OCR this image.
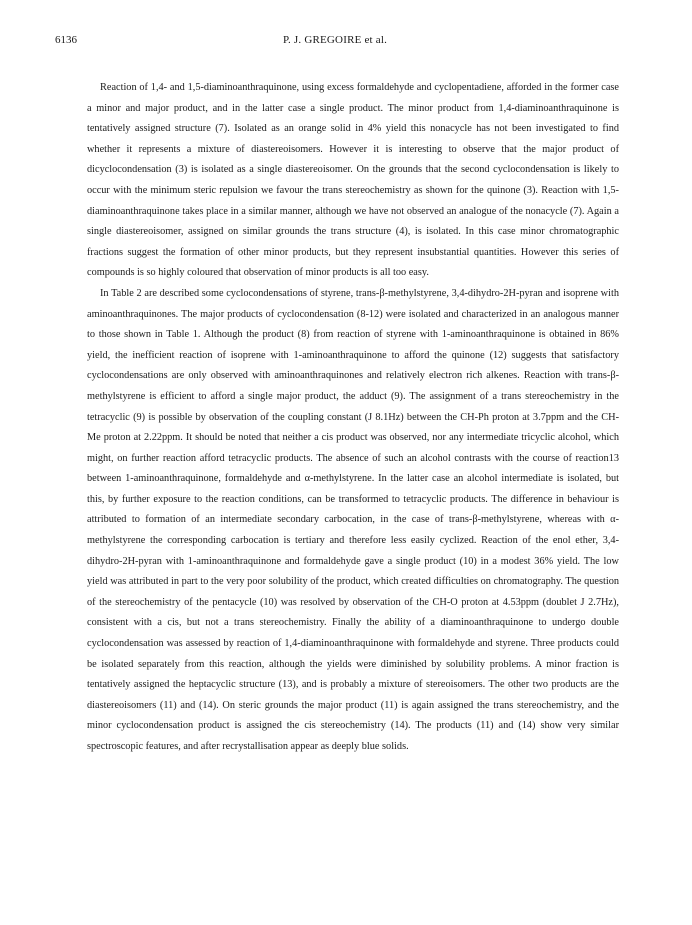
6136	P. J. GREGOIRE et al.

Reaction of 1,4- and 1,5-diaminoanthraquinone, using excess formaldehyde and cyclopentadiene, afforded in the former case a minor and major product, and in the latter case a single product. The minor product from 1,4-diaminoanthraquinone is tentatively assigned structure (7). Isolated as an orange solid in 4% yield this nonacycle has not been investigated to find whether it represents a mixture of diastereoisomers. However it is interesting to observe that the major product of dicyclocondensation (3) is isolated as a single diastereoisomer. On the grounds that the second cyclocondensation is likely to occur with the minimum steric repulsion we favour the trans stereochemistry as shown for the quinone (3). Reaction with 1,5-diaminoanthraquinone takes place in a similar manner, although we have not observed an analogue of the nonacycle (7). Again a single diastereoisomer, assigned on similar grounds the trans structure (4), is isolated. In this case minor chromatographic fractions suggest the formation of other minor products, but they represent insubstantial quantities. However this series of compounds is so highly coloured that observation of minor products is all too easy.

In Table 2 are described some cyclocondensations of styrene, trans-β-methylstyrene, 3,4-dihydro-2H-pyran and isoprene with aminoanthraquinones. The major products of cyclocondensation (8-12) were isolated and characterized in an analogous manner to those shown in Table 1. Although the product (8) from reaction of styrene with 1-aminoanthraquinone is obtained in 86% yield, the inefficient reaction of isoprene with 1-aminoanthraquinone to afford the quinone (12) suggests that satisfactory cyclocondensations are only observed with aminoanthraquinones and relatively electron rich alkenes. Reaction with trans-β-methylstyrene is efficient to afford a single major product, the adduct (9). The assignment of a trans stereochemistry in the tetracyclic (9) is possible by observation of the coupling constant (J 8.1Hz) between the CH-Ph proton at 3.7ppm and the CH-Me proton at 2.22ppm. It should be noted that neither a cis product was observed, nor any intermediate tricyclic alcohol, which might, on further reaction afford tetracyclic products. The absence of such an alcohol contrasts with the course of reaction13 between 1-aminoanthraquinone, formaldehyde and α-methylstyrene. In the latter case an alcohol intermediate is isolated, but this, by further exposure to the reaction conditions, can be transformed to tetracyclic products. The difference in behaviour is attributed to formation of an intermediate secondary carbocation, in the case of trans-β-methylstyrene, whereas with α-methylstyrene the corresponding carbocation is tertiary and therefore less easily cyclized. Reaction of the enol ether, 3,4-dihydro-2H-pyran with 1-aminoanthraquinone and formaldehyde gave a single product (10) in a modest 36% yield. The low yield was attributed in part to the very poor solubility of the product, which created difficulties on chromatography. The question of the stereochemistry of the pentacycle (10) was resolved by observation of the CH-O proton at 4.53ppm (doublet J 2.7Hz), consistent with a cis, but not a trans stereochemistry. Finally the ability of a diaminoanthraquinone to undergo double cyclocondensation was assessed by reaction of 1,4-diaminoanthraquinone with formaldehyde and styrene. Three products could be isolated separately from this reaction, although the yields were diminished by solubility problems. A minor fraction is tentatively assigned the heptacyclic structure (13), and is probably a mixture of stereoisomers. The other two products are the diastereoisomers (11) and (14). On steric grounds the major product (11) is again assigned the trans stereochemistry, and the minor cyclocondensation product is assigned the cis stereochemistry (14). The products (11) and (14) show very similar spectroscopic features, and after recrystallisation appear as deeply blue solids.
